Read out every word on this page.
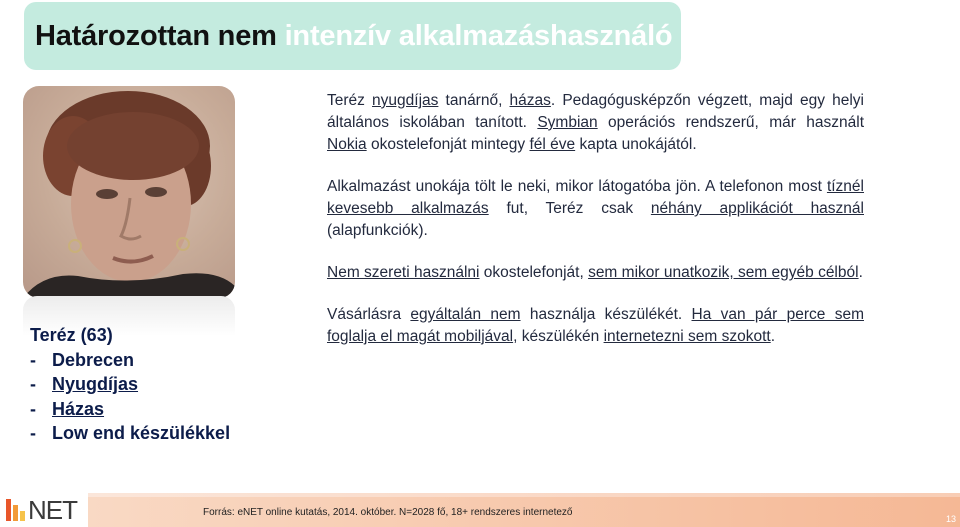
Határozottan nem intenzív alkalmazáshasználó
Teréz (63)
- Debrecen
- Nyugdíjas
- Házas
- Low end készülékkel

Teréz nyugdíjas tanárnő, házas. Pedagógusképzőn végzett, majd egy helyi általános iskolában tanított. Symbian operációs rendszerű, már használt Nokia okostelefonját mintegy fél éve kapta unokájától.

Alkalmazást unokája tölt le neki, mikor látogatóba jön. A telefonon most tíznél kevesebb alkalmazás fut, Teréz csak néhány applikációt használ (alapfunkciók).

Nem szereti használni okostelefonját, sem mikor unatkozik, sem egyéb célból.

Vásárlásra egyáltalán nem használja készülékét. Ha van pár perce sem foglalja el magát mobiljával, készülékén internetezni sem szokott.

NET	Forrás: eNET online kutatás, 2014. október. N=2028 fő, 18+ rendszeres internetező
13
